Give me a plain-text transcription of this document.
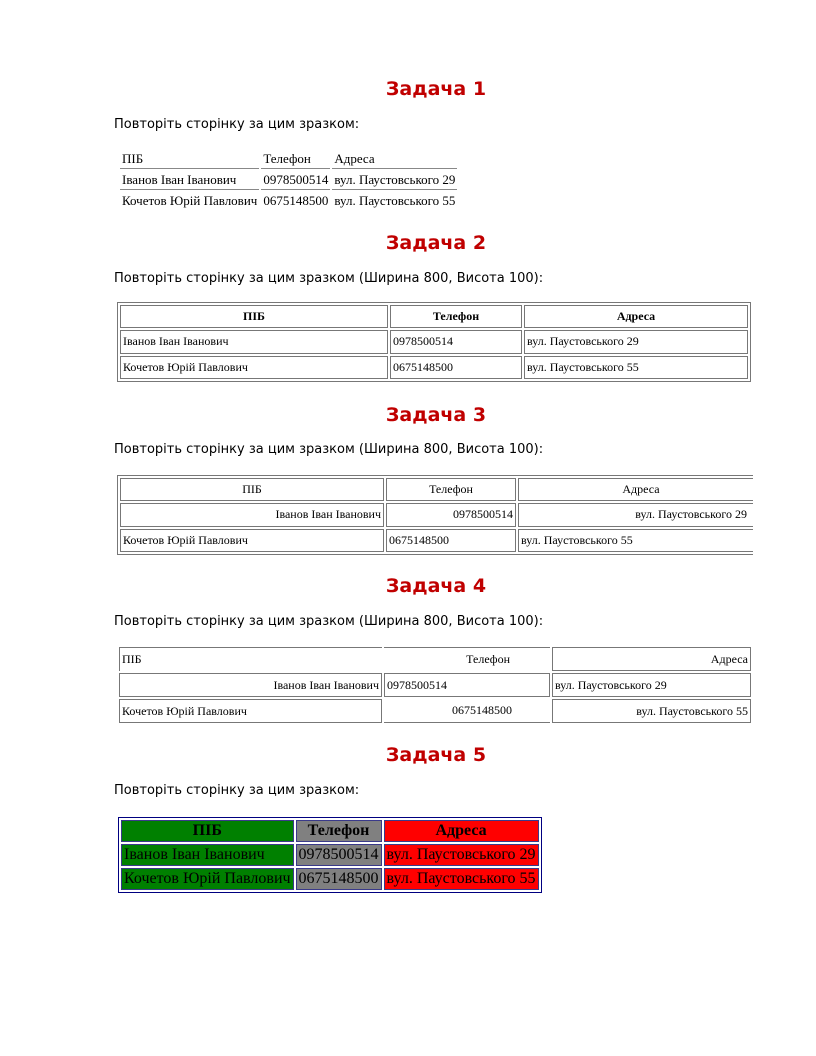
Задача 1
Повторіть сторінку за цим зразком:
ПІБ	Телефон	Адреса
Іванов Іван Іванович	0978500514	вул. Паустовського 29
Кочетов Юрій Павлович	0675148500	вул. Паустовського 55
Задача 2
Повторіть сторінку за цим зразком (Ширина 800, Висота 100):
ПІБ	Телефон	Адреса
Іванов Іван Іванович	0978500514	вул. Паустовського 29
Кочетов Юрій Павлович	0675148500	вул. Паустовського 55
Задача 3
Повторіть сторінку за цим зразком (Ширина 800, Висота 100):
ПІБ	Телефон	Адреса
Іванов Іван Іванович	0978500514	вул. Паустовського 29
Кочетов Юрій Павлович	0675148500	вул. Паустовського 55
Задача 4
Повторіть сторінку за цим зразком (Ширина 800, Висота 100):
ПІБ	Телефон	Адреса
Іванов Іван Іванович	0978500514	вул. Паустовського 29
Кочетов Юрій Павлович	0675148500	вул. Паустовського 55
Задача 5
Повторіть сторінку за цим зразком:
ПІБ	Телефон	Адреса
Іванов Іван Іванович	0978500514	вул. Паустовського 29
Кочетов Юрій Павлович	0675148500	вул. Паустовського 55
